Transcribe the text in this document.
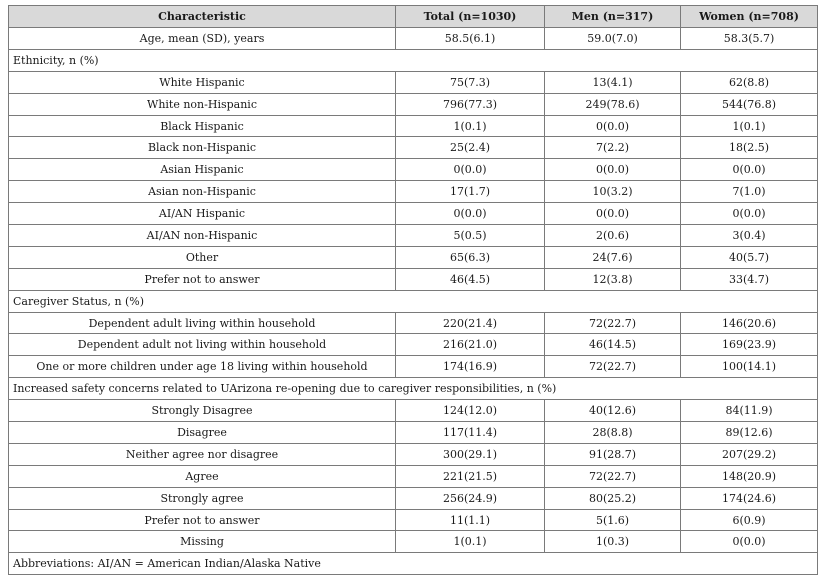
Characteristic	Total (n=1030)	Men (n=317)	Women (n=708)
Age, mean (SD), years	58.5(6.1)	59.0(7.0)	58.3(5.7)
Ethnicity, n (%)			
White Hispanic	75(7.3)	13(4.1)	62(8.8)
White non-Hispanic	796(77.3)	249(78.6)	544(76.8)
Black Hispanic	1(0.1)	0(0.0)	1(0.1)
Black non-Hispanic	25(2.4)	7(2.2)	18(2.5)
Asian Hispanic	0(0.0)	0(0.0)	0(0.0)
Asian non-Hispanic	17(1.7)	10(3.2)	7(1.0)
AI/AN Hispanic	0(0.0)	0(0.0)	0(0.0)
AI/AN non-Hispanic	5(0.5)	2(0.6)	3(0.4)
Other	65(6.3)	24(7.6)	40(5.7)
Prefer not to answer	46(4.5)	12(3.8)	33(4.7)
Caregiver Status, n (%)			
Dependent adult living within household	220(21.4)	72(22.7)	146(20.6)
Dependent adult not living within household	216(21.0)	46(14.5)	169(23.9)
One or more children under age 18 living within household	174(16.9)	72(22.7)	100(14.1)
Increased safety concerns related to UArizona re-opening due to caregiver responsibilities, n (%)			
Strongly Disagree	124(12.0)	40(12.6)	84(11.9)
Disagree	117(11.4)	28(8.8)	89(12.6)
Neither agree nor disagree	300(29.1)	91(28.7)	207(29.2)
Agree	221(21.5)	72(22.7)	148(20.9)
Strongly agree	256(24.9)	80(25.2)	174(24.6)
Prefer not to answer	11(1.1)	5(1.6)	6(0.9)
Missing	1(0.1)	1(0.3)	0(0.0)
Abbreviations: AI/AN = American Indian/Alaska Native			
